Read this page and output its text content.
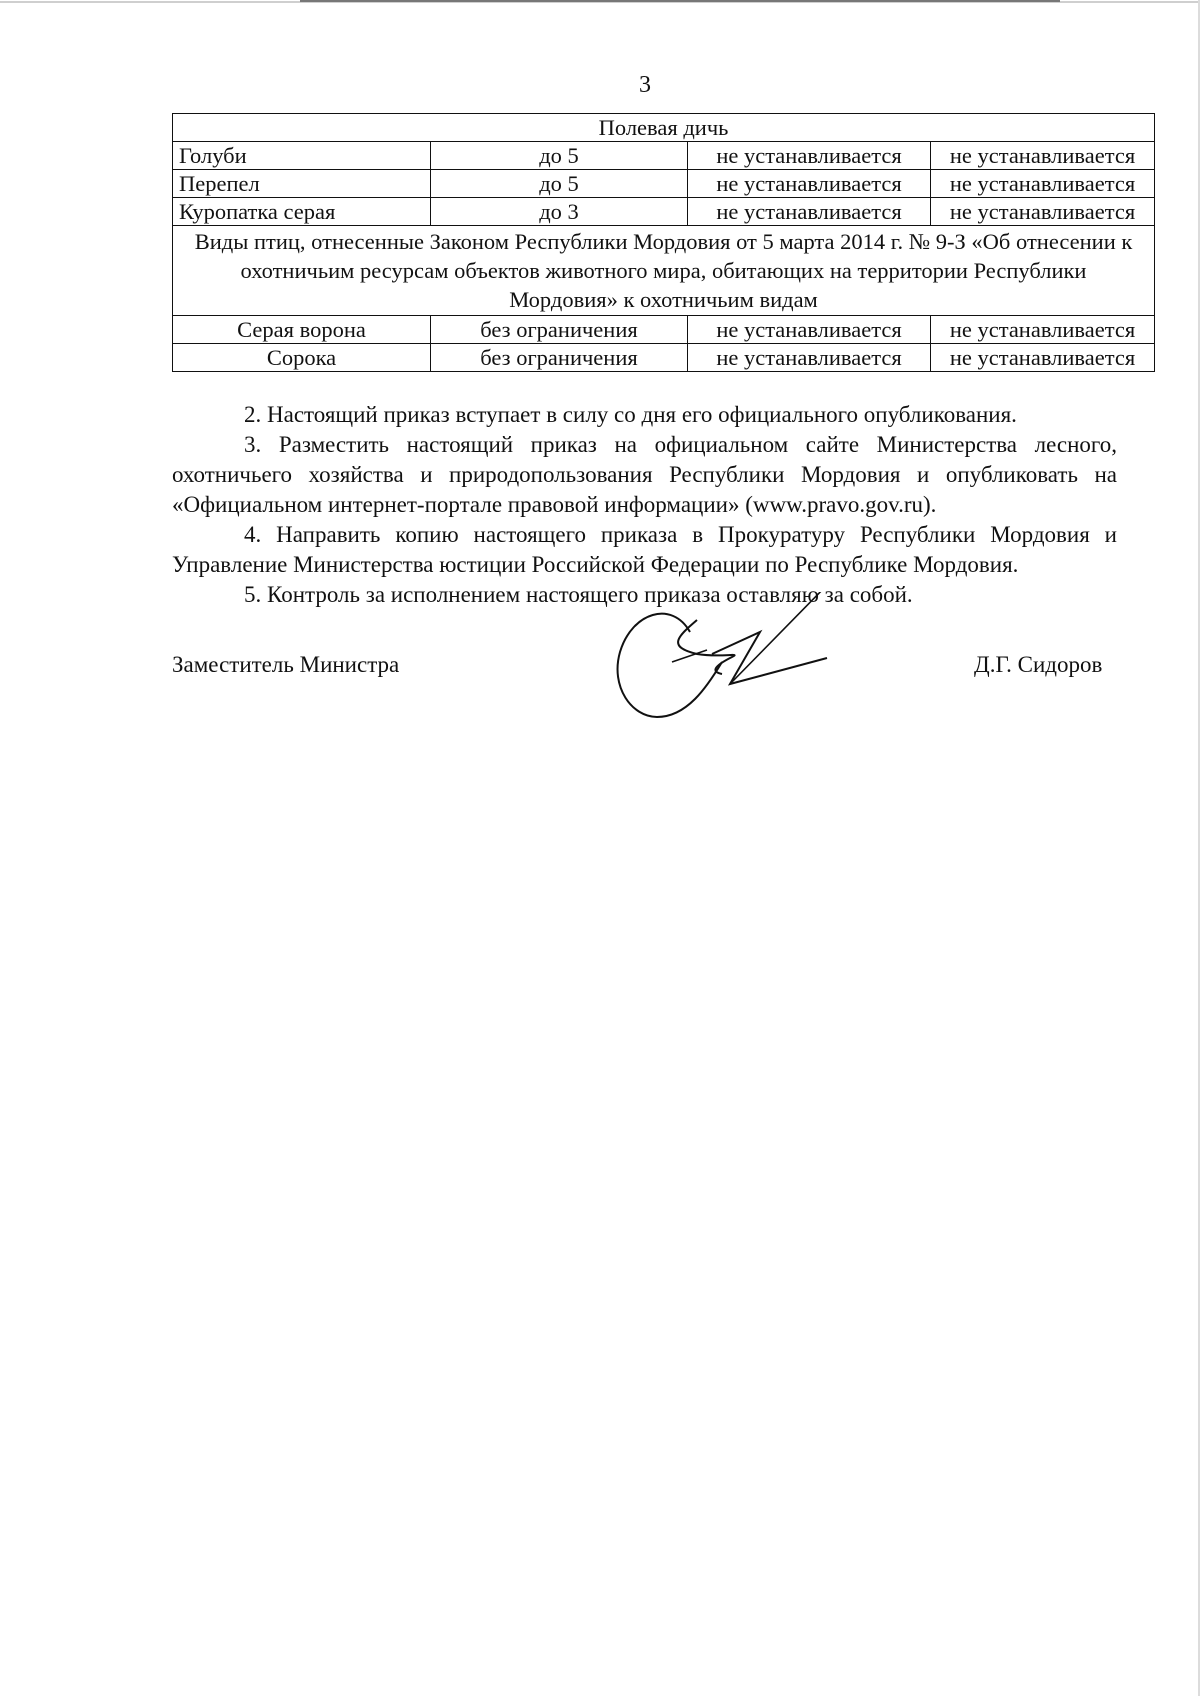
3
Полевая дичь			
Голуби	до 5	не устанавливается	не устанавливается
Перепел	до 5	не устанавливается	не устанавливается
Куропатка серая	до 3	не устанавливается	не устанавливается
Виды птиц, отнесенные Законом Республики Мордовия от 5 марта 2014 г. № 9-З «Об отнесении к охотничьим ресурсам объектов животного мира, обитающих на территории Республики Мордовия» к охотничьим видам			
Серая ворона	без ограничения	не устанавливается	не устанавливается
Сорока	без ограничения	не устанавливается	не устанавливается

2. Настоящий приказ вступает в силу со дня его официального опубликования.

3. Разместить настоящий приказ на официальном сайте Министерства лесного, охотничьего хозяйства и природопользования Республики Мордовия и опубликовать на «Официальном интернет-портале правовой информации» (www.pravo.gov.ru).

4. Направить копию настоящего приказа в Прокуратуру Республики Мордовия и Управление Министерства юстиции Российской Федерации по Республике Мордовия.

5. Контроль за исполнением настоящего приказа оставляю за собой.

Заместитель Министра	Д.Г. Сидоров
